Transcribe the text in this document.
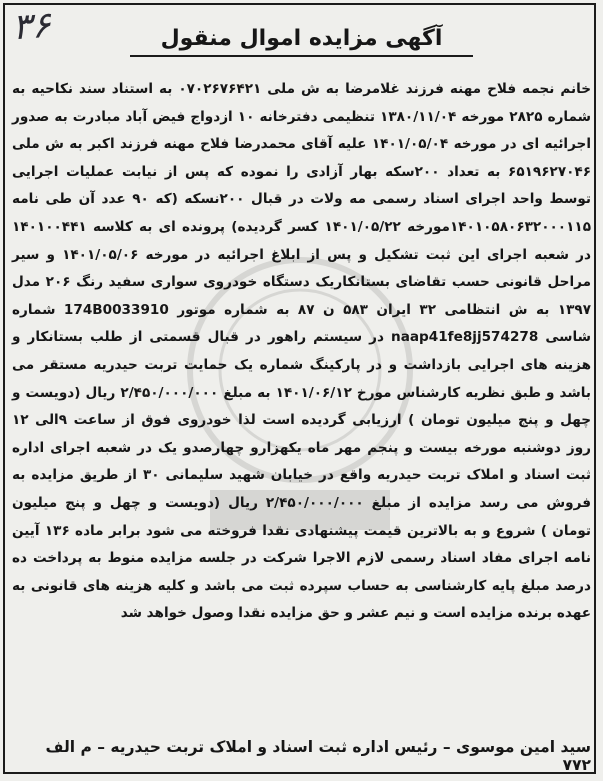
۳۶	آگهی مزایده اموال منقول
خانم نجمه فلاح مهنه فرزند غلامرضا به ش ملی ۰۷۰۲۶۷۶۴۲۱ به استناد سند نکاحیه به شماره ۲۸۲۵ مورخه ۱۳۸۰/۱۱/۰۴ تنظیمی دفترخانه ۱۰ ازدواج فیض آباد مبادرت به صدور اجرائیه ای در مورخه ۱۴۰۱/۰۵/۰۴ علیه آقای محمدرضا فلاح مهنه فرزند اکبر به ش ملی ۶۵۱۹۶۲۷۰۴۶ به تعداد ۲۰۰سکه بهار آزادی را نموده که پس از نیابت عملیات اجرایی توسط واحد اجرای اسناد رسمی مه ولات در قبال ۲۰۰نسکه (که ۹۰ عدد آن طی نامه ۱۴۰۱۰۵۸۰۶۳۲۰۰۰۱۱۵مورخه ۱۴۰۱/۰۵/۲۲ کسر گردیده) پرونده ای به کلاسه ۱۴۰۱۰۰۴۴۱ در شعبه اجرای این ثبت تشکیل و پس از ابلاغ اجرائیه در مورخه ۱۴۰۱/۰۵/۰۶ و سیر مراحل قانونی حسب تقاضای بستانکاریک دستگاه خودروی سواری سفید رنگ ۲۰۶ مدل ۱۳۹۷ به ش انتظامی ۳۲ ایران ۵۸۳ ن ۸۷ به شماره موتور 174B0033910 شماره شاسی naap41fe8jj574278 در سیستم راهور در قبال قسمتی از طلب بستانکار و هزینه های اجرایی بازداشت و در پارکینگ شماره یک حمایت تربت حیدریه مستقر می باشد و طبق نظریه کارشناس مورخ ۱۴۰۱/۰۶/۱۲ به مبلغ ۲/۴۵۰/۰۰۰/۰۰۰ ریال (دویست و چهل و پنج میلیون تومان ) ارزیابی گردیده است لذا خودروی فوق از ساعت ۹الی ۱۲ روز دوشنبه مورخه بیست و پنجم مهر ماه یکهزارو چهارصدو یک در شعبه اجرای اداره ثبت اسناد و املاک تربت حیدریه واقع در خیابان شهید سلیمانی ۳۰ از طریق مزایده به فروش می رسد مزایده از مبلغ ۲/۴۵۰/۰۰۰/۰۰۰ ریال (دویست و چهل و پنج میلیون تومان ) شروع و به بالاترین قیمت پیشنهادی نقدا فروخته می شود برابر ماده ۱۳۶ آیین نامه اجرای مفاد اسناد رسمی لازم الاجرا شرکت در جلسه مزایده منوط به پرداخت ده درصد مبلغ پایه کارشناسی به حساب سپرده ثبت می باشد و کلیه هزینه های قانونی به عهده برنده مزایده است و نیم عشر و حق مزایده نقدا وصول خواهد شد
سید امین موسوی – رئیس اداره ثبت اسناد و املاک تربت حیدریه – م الف ۷۷۲
